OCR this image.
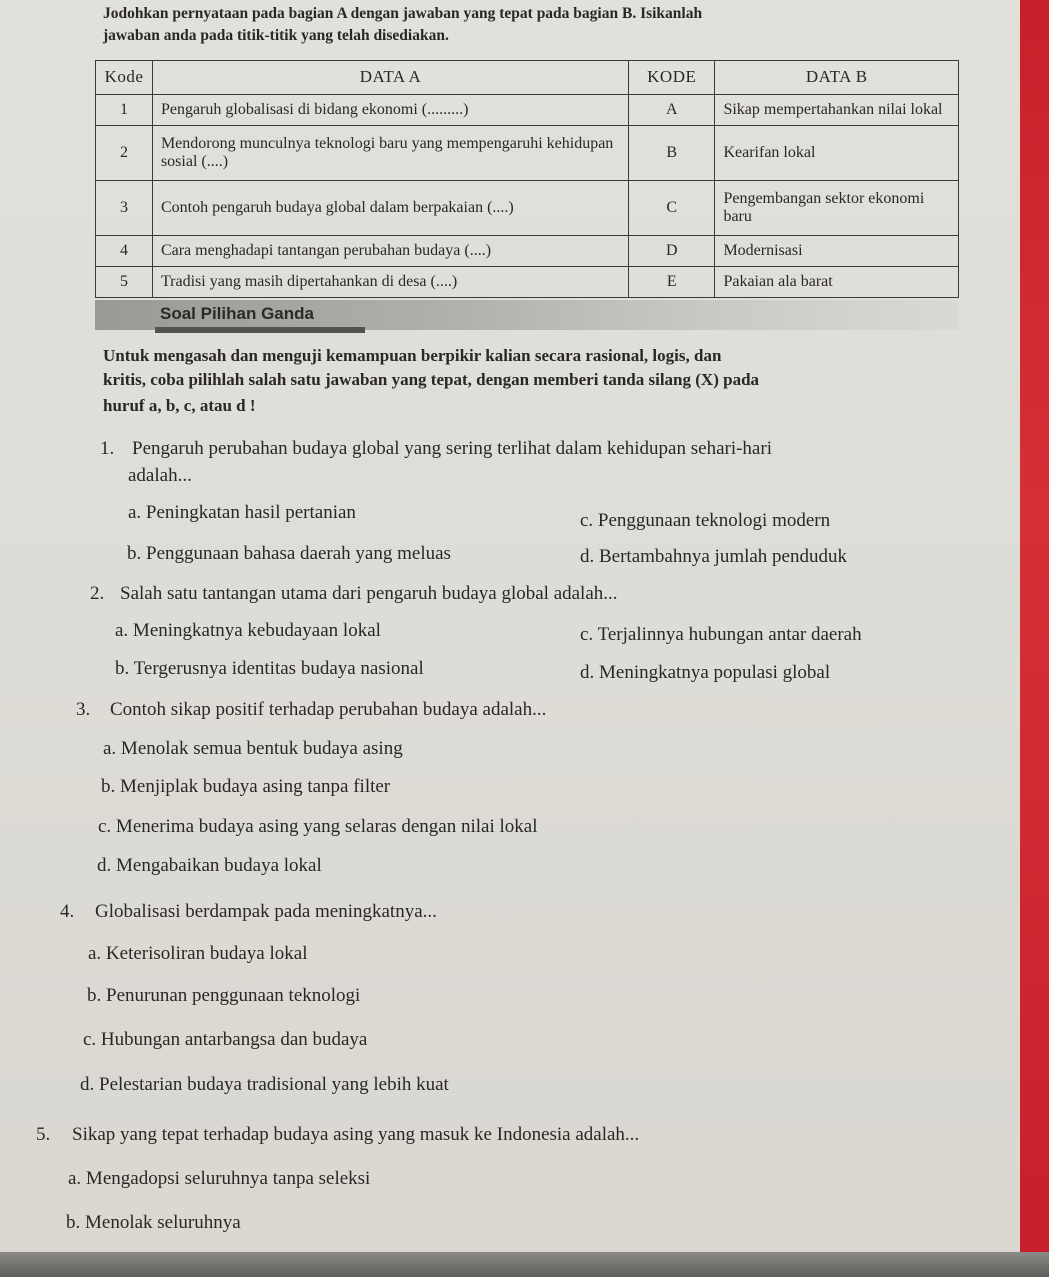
Jodohkan pernyataan pada bagian A dengan jawaban yang tepat pada bagian B. Isikanlah
jawaban anda pada titik-titik yang telah disediakan.
Kode	DATA A	KODE	DATA B
1	Pengaruh globalisasi di bidang ekonomi (.........)	A	Sikap mempertahankan nilai lokal
2	Mendorong munculnya teknologi baru yang mempengaruhi kehidupan sosial (....)	B	Kearifan lokal
3	Contoh pengaruh budaya global dalam berpakaian (....)	C	Pengembangan sektor ekonomi baru
4	Cara menghadapi tantangan perubahan budaya (....)	D	Modernisasi
5	Tradisi yang masih dipertahankan di desa (....)	E	Pakaian ala barat
Soal Pilihan Ganda
Untuk mengasah dan menguji kemampuan berpikir kalian secara rasional, logis, dan
kritis, coba pilihlah salah satu jawaban yang tepat, dengan memberi tanda silang (X) pada
huruf a, b, c, atau d !
1. Pengaruh perubahan budaya global yang sering terlihat dalam kehidupan sehari-hari
adalah...
a. Peningkatan hasil pertanian
b. Penggunaan bahasa daerah yang meluas
c. Penggunaan teknologi modern
d. Bertambahnya jumlah penduduk
2. Salah satu tantangan utama dari pengaruh budaya global adalah...
a. Meningkatnya kebudayaan lokal
b. Tergerusnya identitas budaya nasional
c. Terjalinnya hubungan antar daerah
d. Meningkatnya populasi global
3. Contoh sikap positif terhadap perubahan budaya adalah...
a. Menolak semua bentuk budaya asing
b. Menjiplak budaya asing tanpa filter
c. Menerima budaya asing yang selaras dengan nilai lokal
d. Mengabaikan budaya lokal
4. Globalisasi berdampak pada meningkatnya...
a. Keterisoliran budaya lokal
b. Penurunan penggunaan teknologi
c. Hubungan antarbangsa dan budaya
d. Pelestarian budaya tradisional yang lebih kuat
5. Sikap yang tepat terhadap budaya asing yang masuk ke Indonesia adalah...
a. Mengadopsi seluruhnya tanpa seleksi
b. Menolak seluruhnya
